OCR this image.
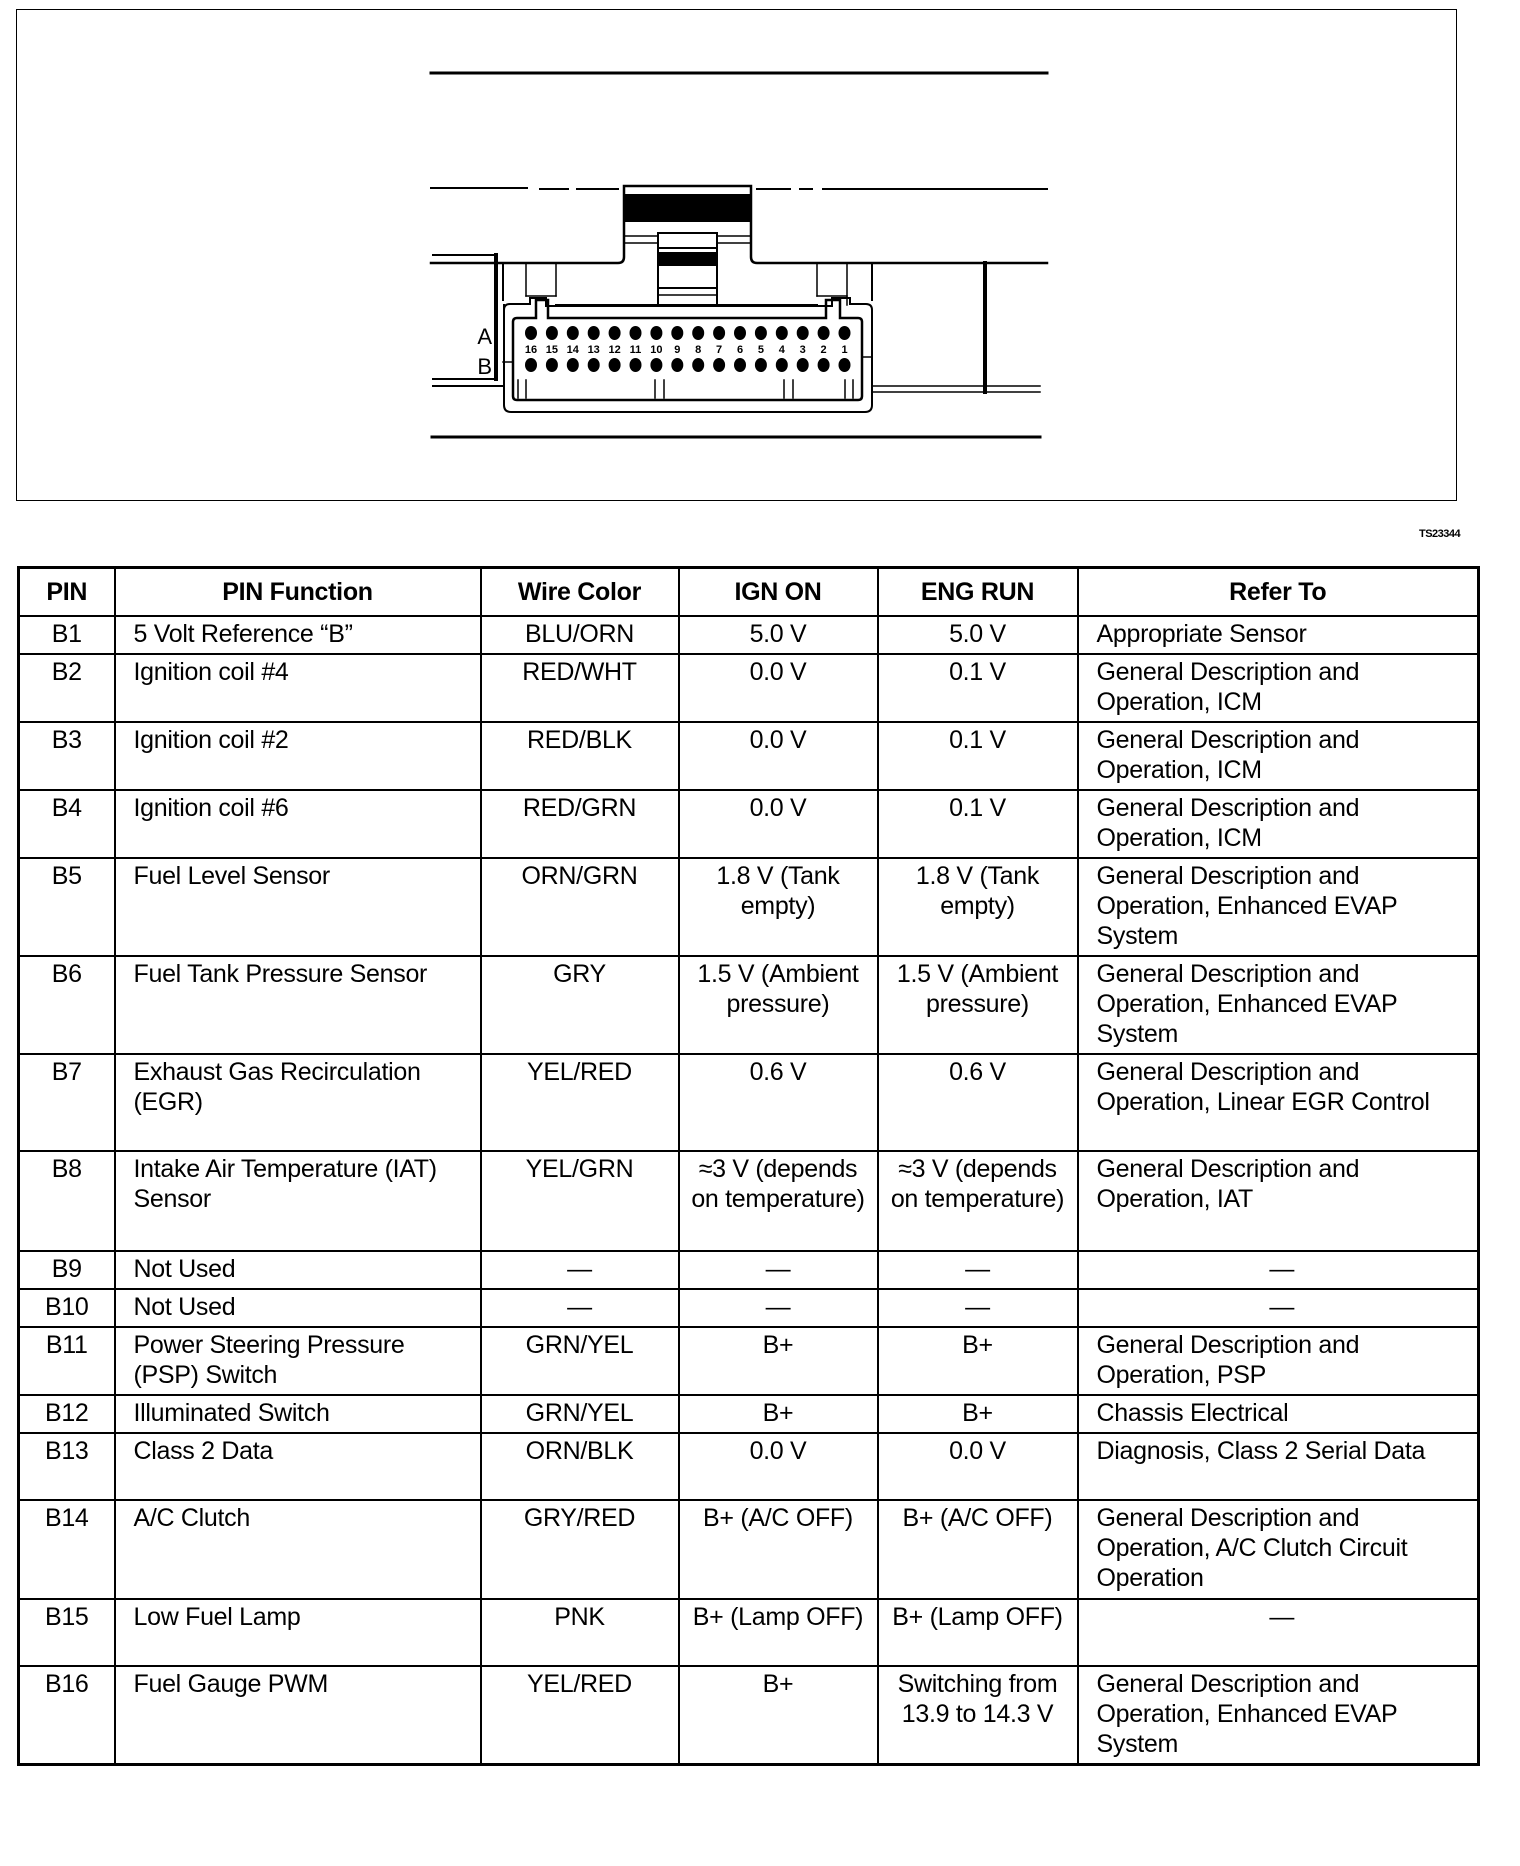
A
B
16 15 14 13 12 11 10 9 8 7 6 5 4 3 2 1
TS23344
PIN	PIN Function	Wire Color	IGN ON	ENG RUN	Refer To
B1	5 Volt Reference “B”	BLU/ORN	5.0 V	5.0 V	Appropriate Sensor
B2	Ignition coil #4	RED/WHT	0.0 V	0.1 V	General Description and Operation, ICM
B3	Ignition coil #2	RED/BLK	0.0 V	0.1 V	General Description and Operation, ICM
B4	Ignition coil #6	RED/GRN	0.0 V	0.1 V	General Description and Operation, ICM
B5	Fuel Level Sensor	ORN/GRN	1.8 V (Tank empty)	1.8 V (Tank empty)	General Description and Operation, Enhanced EVAP System
B6	Fuel Tank Pressure Sensor	GRY	1.5 V (Ambient pressure)	1.5 V (Ambient pressure)	General Description and Operation, Enhanced EVAP System
B7	Exhaust Gas Recirculation (EGR)	YEL/RED	0.6 V	0.6 V	General Description and Operation, Linear EGR Control
B8	Intake Air Temperature (IAT) Sensor	YEL/GRN	≈3 V (depends on temperature)	≈3 V (depends on temperature)	General Description and Operation, IAT
B9	Not Used	—	—	—	—
B10	Not Used	—	—	—	—
B11	Power Steering Pressure (PSP) Switch	GRN/YEL	B+	B+	General Description and Operation, PSP
B12	Illuminated Switch	GRN/YEL	B+	B+	Chassis Electrical
B13	Class 2 Data	ORN/BLK	0.0 V	0.0 V	Diagnosis, Class 2 Serial Data
B14	A/C Clutch	GRY/RED	B+ (A/C OFF)	B+ (A/C OFF)	General Description and Operation, A/C Clutch Circuit Operation
B15	Low Fuel Lamp	PNK	B+ (Lamp OFF)	B+ (Lamp OFF)	—
B16	Fuel Gauge PWM	YEL/RED	B+	Switching from 13.9 to 14.3 V	General Description and Operation, Enhanced EVAP System
